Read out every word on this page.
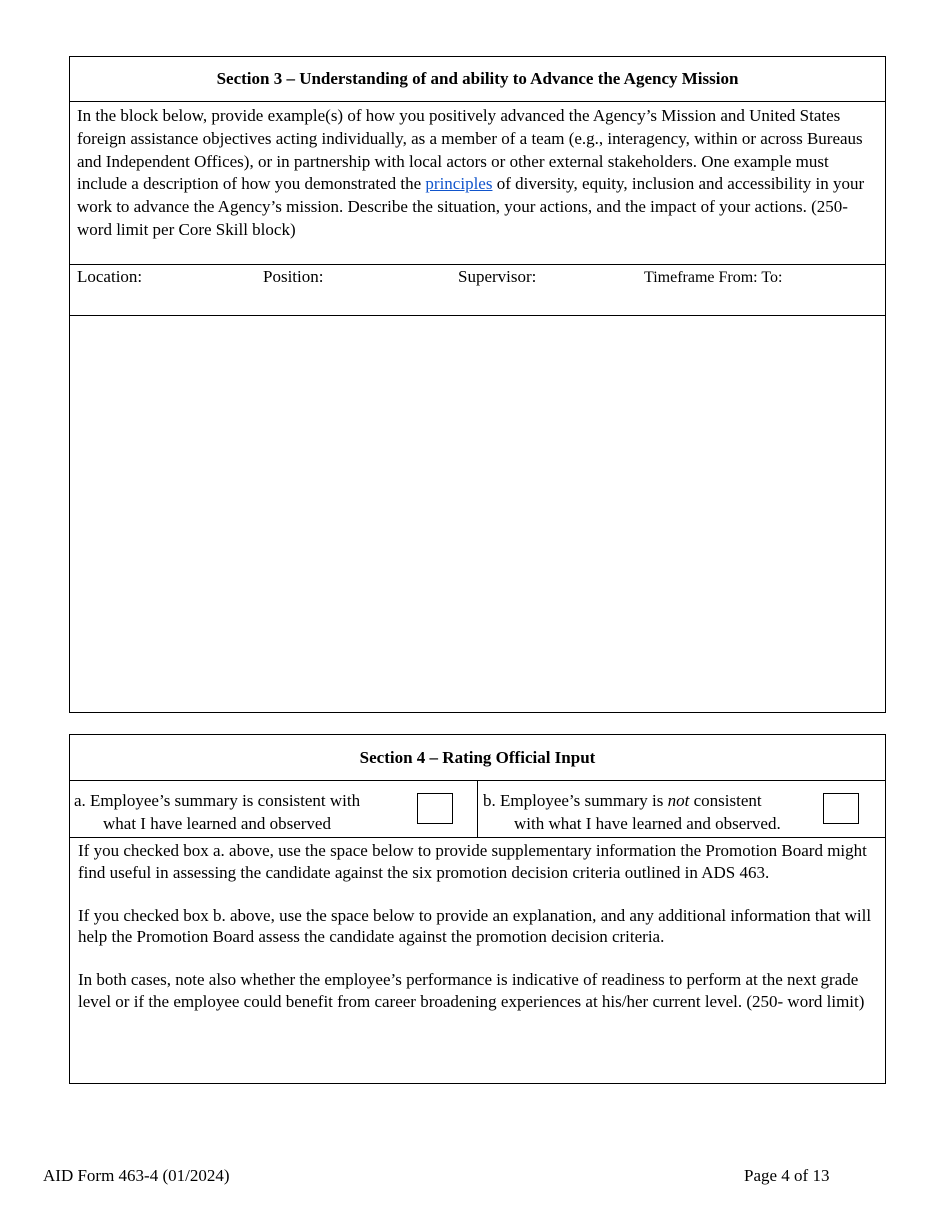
Section 3 – Understanding of and ability to Advance the Agency Mission
In the block below, provide example(s) of how you positively advanced the Agency’s Mission and United States foreign assistance objectives acting individually, as a member of a team (e.g., interagency, within or across Bureaus and Independent Offices), or in partnership with local actors or other external stakeholders. One example must include a description of how you demonstrated the principles of diversity, equity, inclusion and accessibility in your work to advance the Agency’s mission. Describe the situation, your actions, and the impact of your actions. (250-word limit per Core Skill block)
Location:	Position:	Supervisor:	Timeframe From: To:
Section 4 – Rating Official Input
a. Employee’s summary is consistent with
what I have learned and observed
b. Employee’s summary is not consistent
with what I have learned and observed.

If you checked box a. above, use the space below to provide supplementary information the Promotion Board might find useful in assessing the candidate against the six promotion decision criteria outlined in ADS 463.

If you checked box b. above, use the space below to provide an explanation, and any additional information that will help the Promotion Board assess the candidate against the promotion decision criteria.

In both cases, note also whether the employee’s performance is indicative of readiness to perform at the next grade level or if the employee could benefit from career broadening experiences at his/her current level. (250- word limit)

AID Form 463-4 (01/2024)	Page 4 of 13
